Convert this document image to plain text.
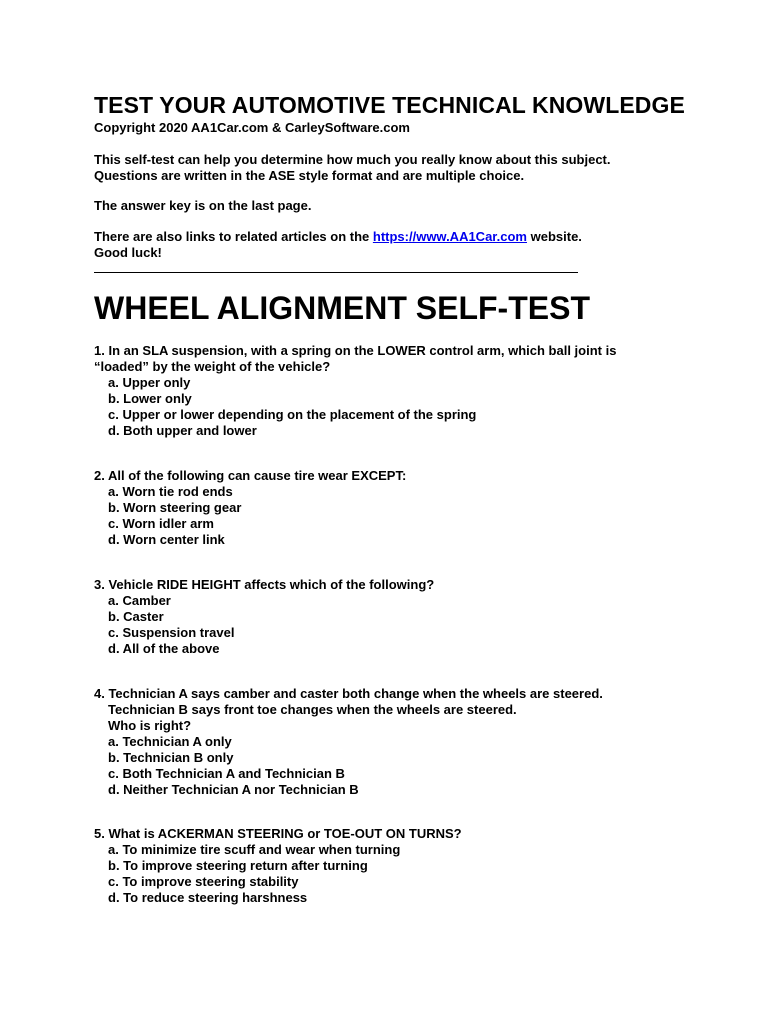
TEST YOUR AUTOMOTIVE TECHNICAL KNOWLEDGE
Copyright 2020 AA1Car.com & CarleySoftware.com
This self-test can help you determine how much you really know about this subject.
Questions are written in the ASE style format and are multiple choice.
The answer key is on the last page.
There are also links to related articles on the https://www.AA1Car.com website.
Good luck!
WHEEL ALIGNMENT SELF-TEST
1. In an SLA suspension, with a spring on the LOWER control arm, which ball joint is
“loaded” by the weight of the vehicle?
a. Upper only
b. Lower only
c. Upper or lower depending on the placement of the spring
d. Both upper and lower
2. All of the following can cause tire wear EXCEPT:
a. Worn tie rod ends
b. Worn steering gear
c. Worn idler arm
d. Worn center link
3. Vehicle RIDE HEIGHT affects which of the following?
a. Camber
b. Caster
c. Suspension travel
d. All of the above
4. Technician A says camber and caster both change when the wheels are steered.
Technician B says front toe changes when the wheels are steered.
Who is right?
a. Technician A only
b. Technician B only
c. Both Technician A and Technician B
d. Neither Technician A nor Technician B
5. What is ACKERMAN STEERING or TOE-OUT ON TURNS?
a. To minimize tire scuff and wear when turning
b. To improve steering return after turning
c. To improve steering stability
d. To reduce steering harshness
